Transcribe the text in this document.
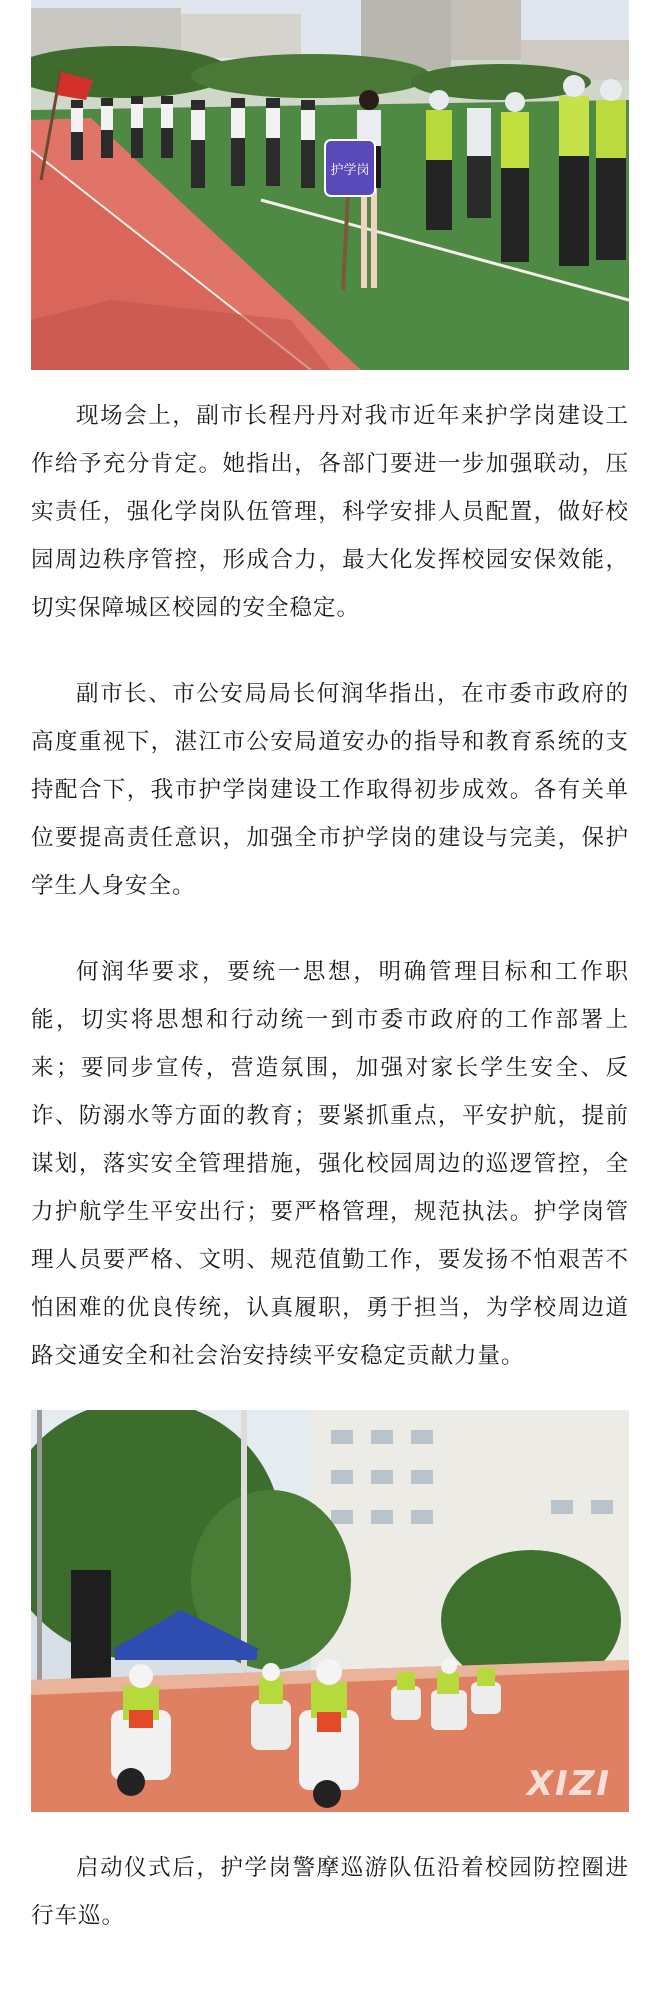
护学岗

现场会上，副市长程丹丹对我市近年来护学岗建设工作给予充分肯定。她指出，各部门要进一步加强联动，压实责任，强化学岗队伍管理，科学安排人员配置，做好校园周边秩序管控，形成合力，最大化发挥校园安保效能，切实保障城区校园的安全稳定。

副市长、市公安局局长何润华指出，在市委市政府的高度重视下，湛江市公安局道安办的指导和教育系统的支持配合下，我市护学岗建设工作取得初步成效。各有关单位要提高责任意识，加强全市护学岗的建设与完美，保护学生人身安全。

何润华要求，要统一思想，明确管理目标和工作职能，切实将思想和行动统一到市委市政府的工作部署上来；要同步宣传，营造氛围，加强对家长学生安全、反诈、防溺水等方面的教育；要紧抓重点，平安护航，提前谋划，落实安全管理措施，强化校园周边的巡逻管控，全力护航学生平安出行；要严格管理，规范执法。护学岗管理人员要严格、文明、规范值勤工作，要发扬不怕艰苦不怕困难的优良传统，认真履职，勇于担当，为学校周边道路交通安全和社会治安持续平安稳定贡献力量。

XIZI

启动仪式后，护学岗警摩巡游队伍沿着校园防控圈进行车巡。
